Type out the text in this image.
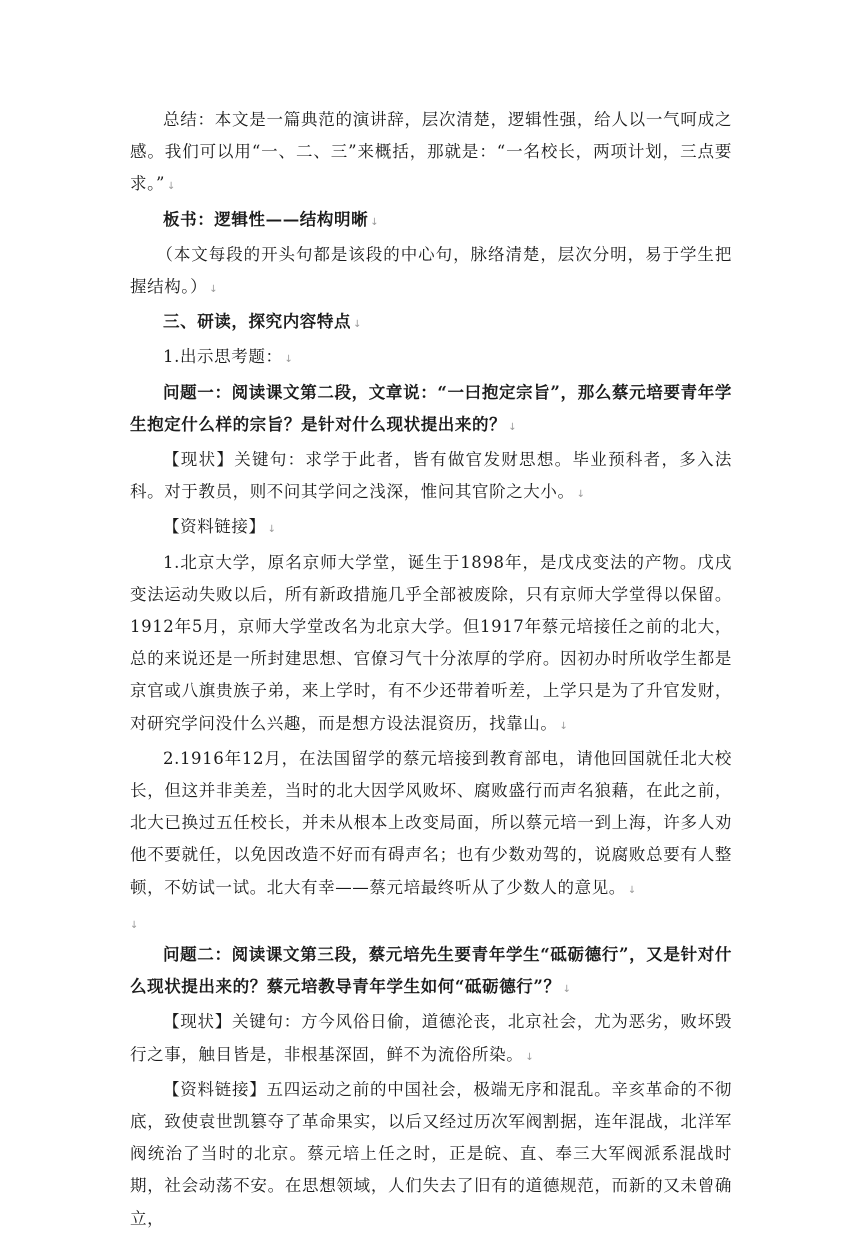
总结：本文是一篇典范的演讲辞，层次清楚，逻辑性强，给人以一气呵成之感。我们可以用“一、二、三”来概括，那就是：“一名校长，两项计划，三点要求。” ↓

板书：逻辑性——结构明晰 ↓

（本文每段的开头句都是该段的中心句，脉络清楚，层次分明，易于学生把握结构。） ↓

三、研读，探究内容特点 ↓

1.出示思考题： ↓

问题一：阅读课文第二段，文章说：“一曰抱定宗旨”，那么蔡元培要青年学生抱定什么样的宗旨？是针对什么现状提出来的？ ↓

【现状】关键句：求学于此者，皆有做官发财思想。毕业预科者，多入法科。对于教员，则不问其学问之浅深，惟问其官阶之大小。 ↓

【资料链接】 ↓

1.北京大学，原名京师大学堂，诞生于1898年，是戊戌变法的产物。戊戌变法运动失败以后，所有新政措施几乎全部被废除，只有京师大学堂得以保留。1912年5月，京师大学堂改名为北京大学。但1917年蔡元培接任之前的北大，总的来说还是一所封建思想、官僚习气十分浓厚的学府。因初办时所收学生都是京官或八旗贵族子弟，来上学时，有不少还带着听差，上学只是为了升官发财，对研究学问没什么兴趣，而是想方设法混资历，找靠山。 ↓

2.1916年12月，在法国留学的蔡元培接到教育部电，请他回国就任北大校长，但这并非美差，当时的北大因学风败坏、腐败盛行而声名狼藉，在此之前，北大已换过五任校长，并未从根本上改变局面，所以蔡元培一到上海，许多人劝他不要就任，以免因改造不好而有碍声名；也有少数劝驾的，说腐败总要有人整顿，不妨试一试。北大有幸——蔡元培最终听从了少数人的意见。 ↓

↓

问题二：阅读课文第三段，蔡元培先生要青年学生“砥砺德行”，又是针对什么现状提出来的？蔡元培教导青年学生如何“砥砺德行”？ ↓

【现状】关键句：方今风俗日偷，道德沦丧，北京社会，尤为恶劣，败坏毁行之事，触目皆是，非根基深固，鲜不为流俗所染。 ↓

【资料链接】五四运动之前的中国社会，极端无序和混乱。辛亥革命的不彻底，致使袁世凯篡夺了革命果实，以后又经过历次军阀割据，连年混战，北洋军阀统治了当时的北京。蔡元培上任之时，正是皖、直、奉三大军阀派系混战时期，社会动荡不安。在思想领域，人们失去了旧有的道德规范，而新的又未曾确立，
